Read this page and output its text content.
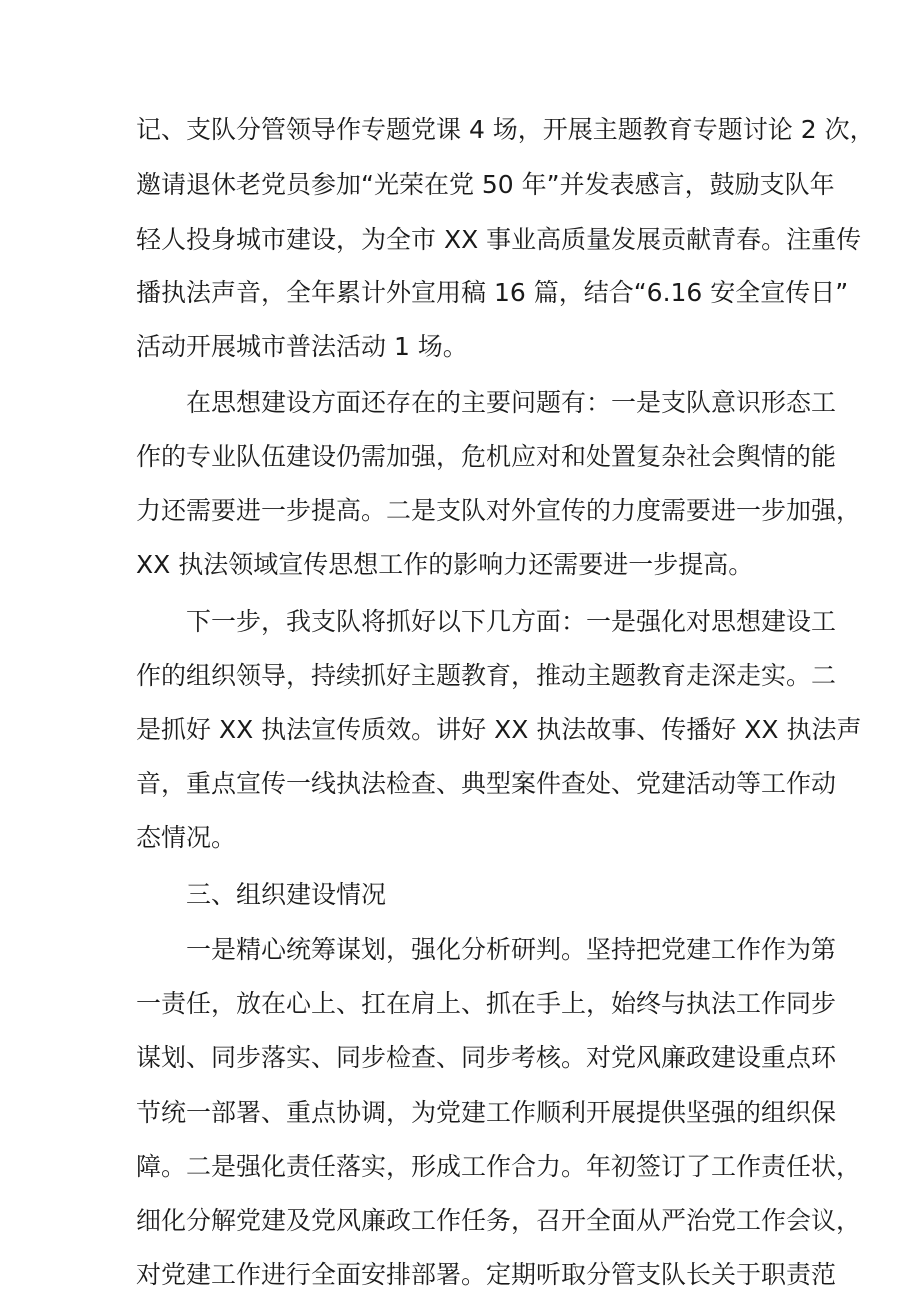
记、支队分管领导作专题党课 4 场，开展主题教育专题讨论 2 次，
邀请退休老党员参加“光荣在党 50 年”并发表感言，鼓励支队年
轻人投身城市建设，为全市 XX 事业高质量发展贡献青春。注重传
播执法声音，全年累计外宣用稿 16 篇，结合“6.16 安全宣传日”
活动开展城市普法活动 1 场。
在思想建设方面还存在的主要问题有：一是支队意识形态工
作的专业队伍建设仍需加强，危机应对和处置复杂社会舆情的能
力还需要进一步提高。二是支队对外宣传的力度需要进一步加强，
XX 执法领域宣传思想工作的影响力还需要进一步提高。
下一步，我支队将抓好以下几方面：一是强化对思想建设工
作的组织领导，持续抓好主题教育，推动主题教育走深走实。二
是抓好 XX 执法宣传质效。讲好 XX 执法故事、传播好 XX 执法声
音，重点宣传一线执法检查、典型案件查处、党建活动等工作动
态情况。
三、组织建设情况
一是精心统筹谋划，强化分析研判。坚持把党建工作作为第
一责任，放在心上、扛在肩上、抓在手上，始终与执法工作同步
谋划、同步落实、同步检查、同步考核。对党风廉政建设重点环
节统一部署、重点协调，为党建工作顺利开展提供坚强的组织保
障。二是强化责任落实，形成工作合力。年初签订了工作责任状，
细化分解党建及党风廉政工作任务，召开全面从严治党工作会议，
对党建工作进行全面安排部署。定期听取分管支队长关于职责范
